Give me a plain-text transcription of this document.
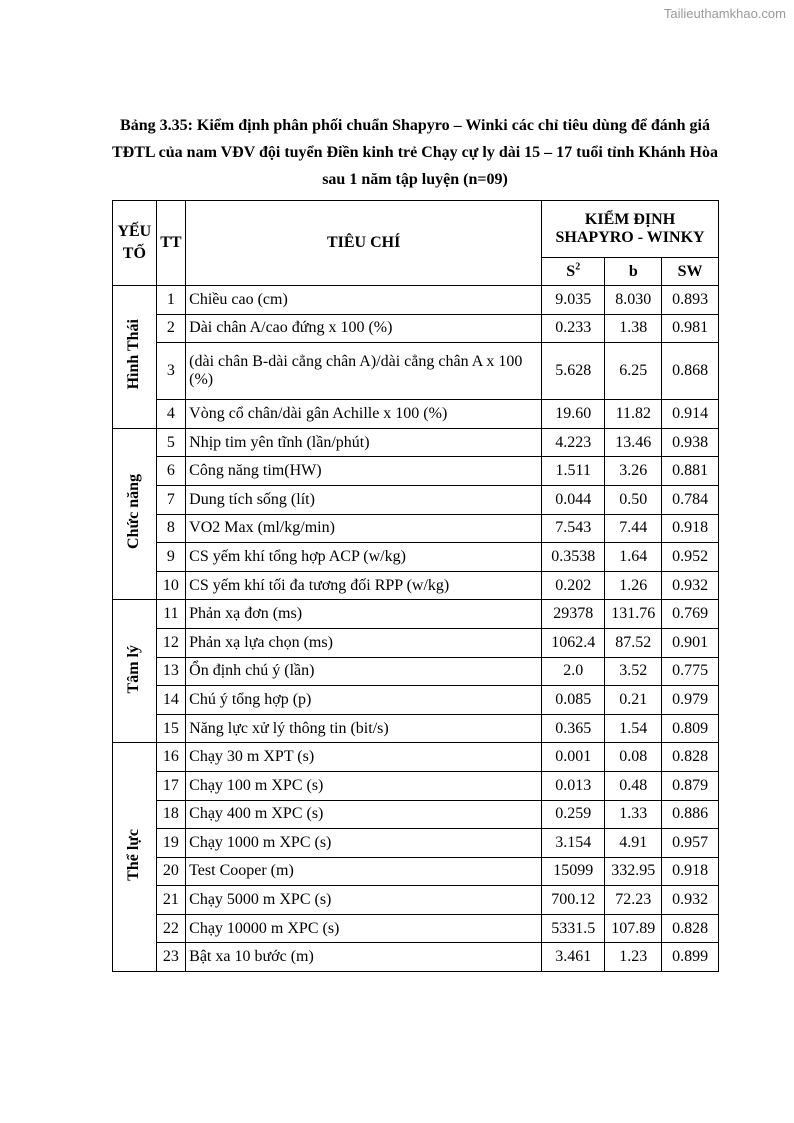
Tailieuthamkhao.com
Bảng 3.35: Kiểm định phân phối chuẩn Shapyro – Winki các chỉ tiêu dùng để đánh giá TĐTL của nam VĐV đội tuyển Điền kinh trẻ Chạy cự ly dài 15 – 17 tuổi tỉnh Khánh Hòa sau 1 năm tập luyện (n=09)
YẾU TỐ	TT	TIÊU CHÍ	KIỂM ĐỊNH
SHAPYRO - WINKY		

			$S^2$	b	SW
Hình Thái	1	Chiều cao (cm)	9.035	8.030	0.893
	2	Dài chân A/cao đứng x 100 (%)	0.233	1.38	0.981
	3	(dài chân B-dài cẳng chân A)/dài cẳng chân A x 100 (%)	5.628	6.25	0.868
	4	Vòng cổ chân/dài gân Achille x 100 (%)	19.60	11.82	0.914
Chức năng	5	Nhịp tim yên tĩnh (lần/phút)	4.223	13.46	0.938
	6	Công năng tim(HW)	1.511	3.26	0.881
	7	Dung tích sống (lít)	0.044	0.50	0.784
	8	VO2 Max (ml/kg/min)	7.543	7.44	0.918
	9	CS yếm khí tổng hợp ACP (w/kg)	0.3538	1.64	0.952
	10	CS yếm khí tối đa tương đối RPP (w/kg)	0.202	1.26	0.932
Tâm lý	11	Phản xạ đơn (ms)	29378	131.76	0.769
	12	Phản xạ lựa chọn (ms)	1062.4	87.52	0.901
	13	Ổn định chú ý (lần)	2.0	3.52	0.775
	14	Chú ý tổng hợp (p)	0.085	0.21	0.979
	15	Năng lực xử lý thông tin (bit/s)	0.365	1.54	0.809
Thể lực	16	Chạy 30 m XPT (s)	0.001	0.08	0.828
	17	Chạy 100 m XPC (s)	0.013	0.48	0.879
	18	Chạy 400 m XPC (s)	0.259	1.33	0.886
	19	Chạy 1000 m XPC (s)	3.154	4.91	0.957
	20	Test Cooper (m)	15099	332.95	0.918
	21	Chạy 5000 m XPC (s)	700.12	72.23	0.932
	22	Chạy 10000 m XPC (s)	5331.5	107.89	0.828
	23	Bật xa 10 bước (m)	3.461	1.23	0.899
